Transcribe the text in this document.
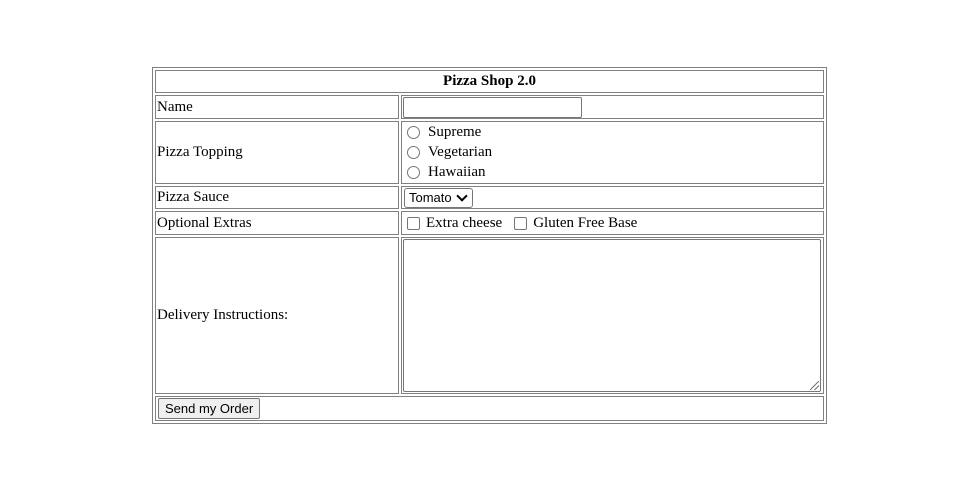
Pizza Shop 2.0	
Name	
Pizza Topping	Supreme
Vegetarian
Hawaiian

Pizza Sauce	Tomato

Optional Extras	Extra cheese Gluten Free Base

Delivery Instructions:	

Send my Order	
